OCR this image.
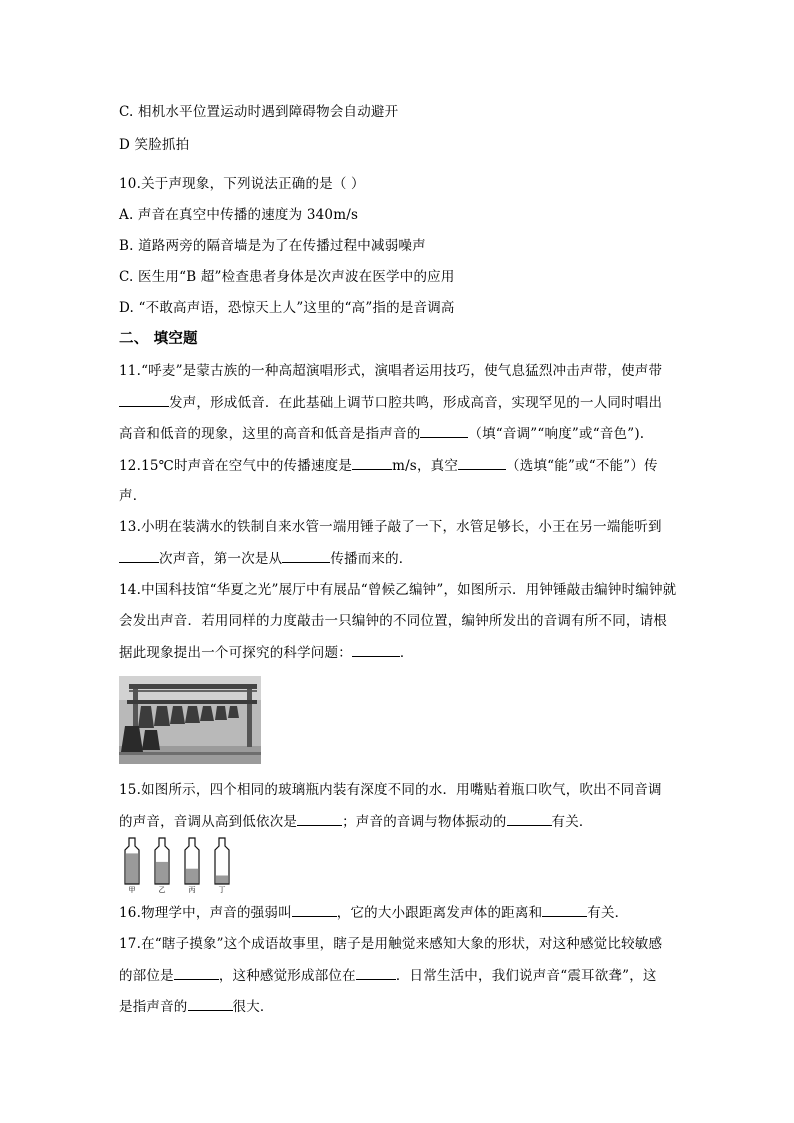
C. 相机水平位置运动时遇到障碍物会自动避开
D 笑脸抓拍
10.关于声现象，下列说法正确的是（ ）
A. 声音在真空中传播的速度为 340m/s
B. 道路两旁的隔音墙是为了在传播过程中减弱噪声
C. 医生用“B 超”检查患者身体是次声波在医学中的应用
D. “不敢高声语，恐惊天上人”这里的“高”指的是音调高
二、 填空题
11.“呼麦”是蒙古族的一种高超演唱形式，演唱者运用技巧，使气息猛烈冲击声带，使声带
发声，形成低音．在此基础上调节口腔共鸣，形成高音，实现罕见的一人同时唱出
高音和低音的现象，这里的高音和低音是指声音的	（填“音调”“响度”或“音色”).
12.15℃时声音在空气中的传播速度是	m/s，真空	（选填“能”或“不能”）传
声．
13.小明在装满水的铁制自来水管一端用锤子敲了一下，水管足够长，小王在另一端能听到
次声音，第一次是从	传播而来的．
14.中国科技馆“华夏之光”展厅中有展品“曾候乙编钟”，如图所示．用钟锤敲击编钟时编钟就
会发出声音．若用同样的力度敲击一只编钟的不同位置，编钟所发出的音调有所不同，请根
据此现象提出一个可探究的科学问题：	．
15.如图所示，四个相同的玻璃瓶内装有深度不同的水．用嘴贴着瓶口吹气，吹出不同音调
的声音，音调从高到低依次是	；声音的音调与物体振动的	有关．
甲	乙	丙	丁
16.物理学中，声音的强弱叫	，它的大小跟距离发声体的距离和	有关．
17.在“瞎子摸象”这个成语故事里，瞎子是用触觉来感知大象的形状，对这种感觉比较敏感
的部位是	，这种感觉形成部位在	．日常生活中，我们说声音“震耳欲聋”，这
是指声音的	很大．
